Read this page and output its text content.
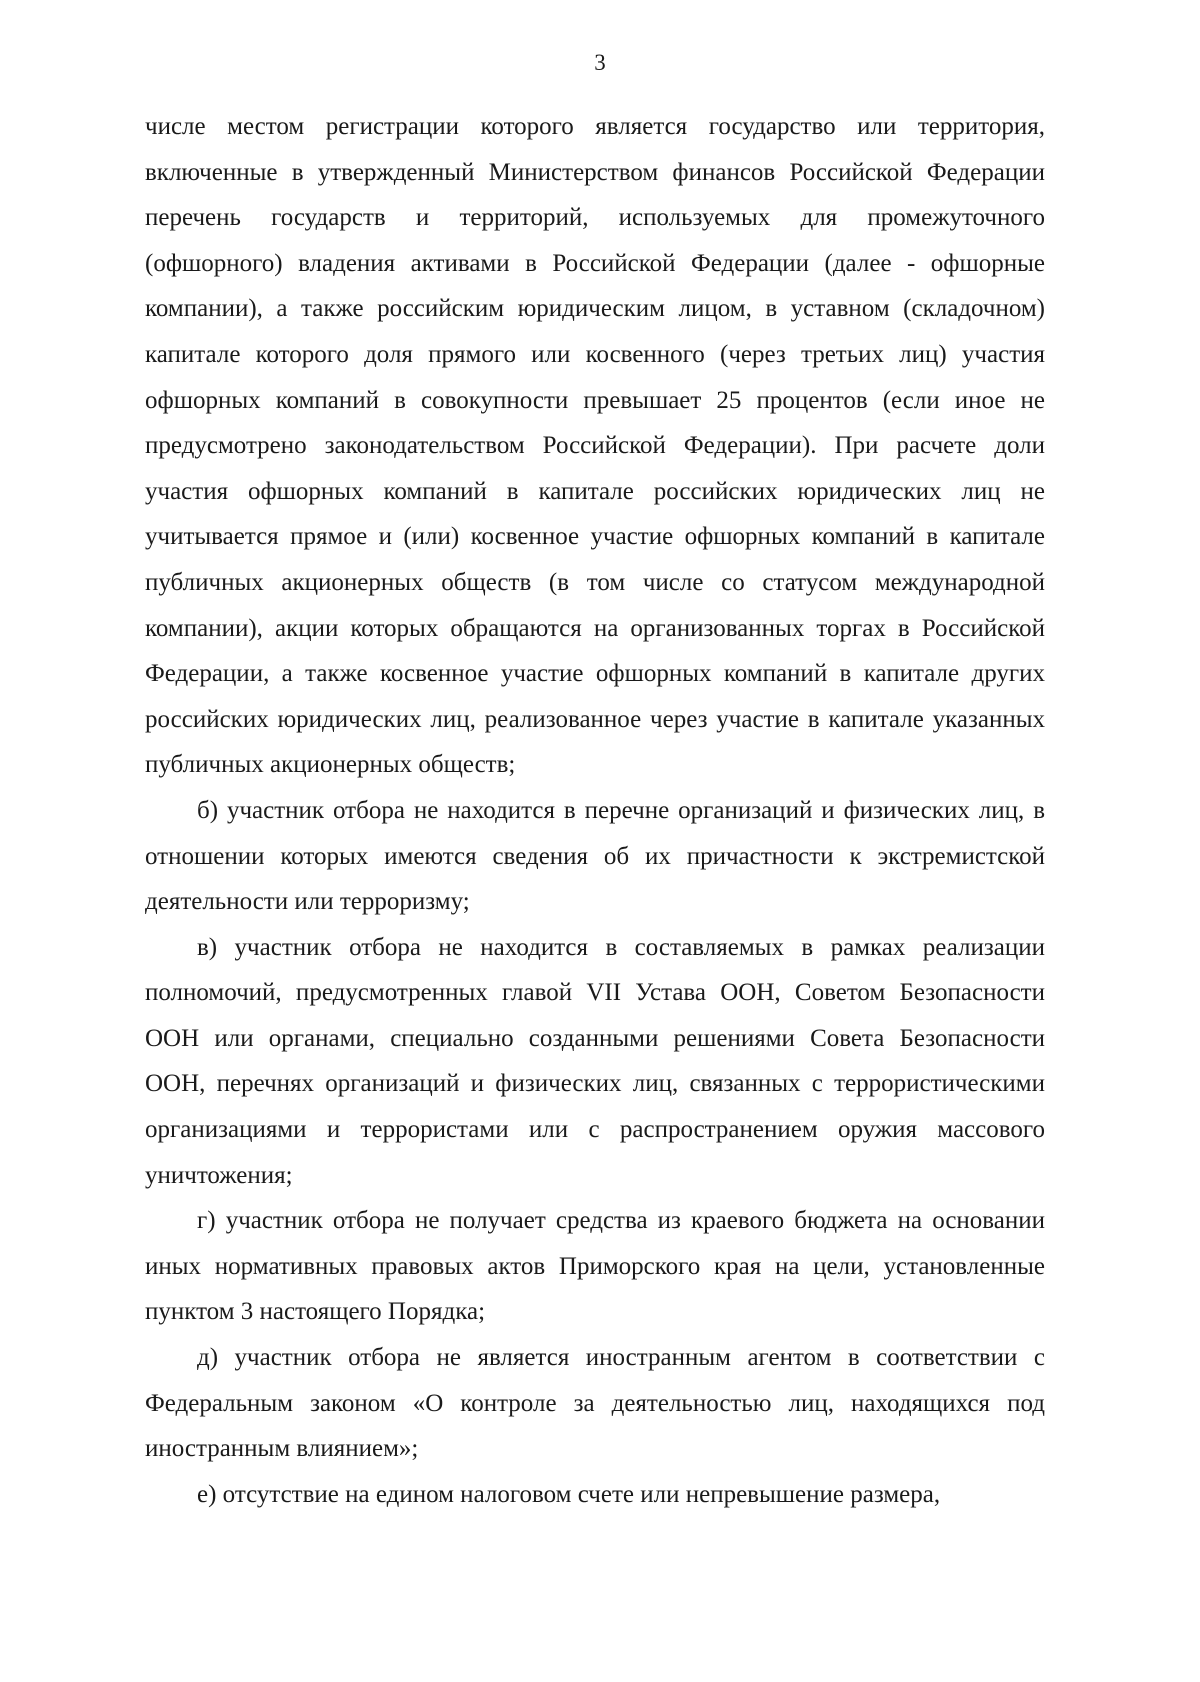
3

числе местом регистрации которого является государство или территория, включенные в утвержденный Министерством финансов Российской Федерации перечень государств и территорий, используемых для промежуточного (офшорного) владения активами в Российской Федерации (далее - офшорные компании), а также российским юридическим лицом, в уставном (складочном) капитале которого доля прямого или косвенного (через третьих лиц) участия офшорных компаний в совокупности превышает 25 процентов (если иное не предусмотрено законодательством Российской Федерации). При расчете доли участия офшорных компаний в капитале российских юридических лиц не учитывается прямое и (или) косвенное участие офшорных компаний в капитале публичных акционерных обществ (в том числе со статусом международной компании), акции которых обращаются на организованных торгах в Российской Федерации, а также косвенное участие офшорных компаний в капитале других российских юридических лиц, реализованное через участие в капитале указанных публичных акционерных обществ;

б) участник отбора не находится в перечне организаций и физических лиц, в отношении которых имеются сведения об их причастности к экстремистской деятельности или терроризму;

в) участник отбора не находится в составляемых в рамках реализации полномочий, предусмотренных главой VII Устава ООН, Советом Безопасности ООН или органами, специально созданными решениями Совета Безопасности ООН, перечнях организаций и физических лиц, связанных с террористическими организациями и террористами или с распространением оружия массового уничтожения;

г) участник отбора не получает средства из краевого бюджета на основании иных нормативных правовых актов Приморского края на цели, установленные пунктом 3 настоящего Порядка;

д) участник отбора не является иностранным агентом в соответствии с Федеральным законом «О контроле за деятельностью лиц, находящихся под иностранным влиянием»;

е) отсутствие на едином налоговом счете или непревышение размера,
